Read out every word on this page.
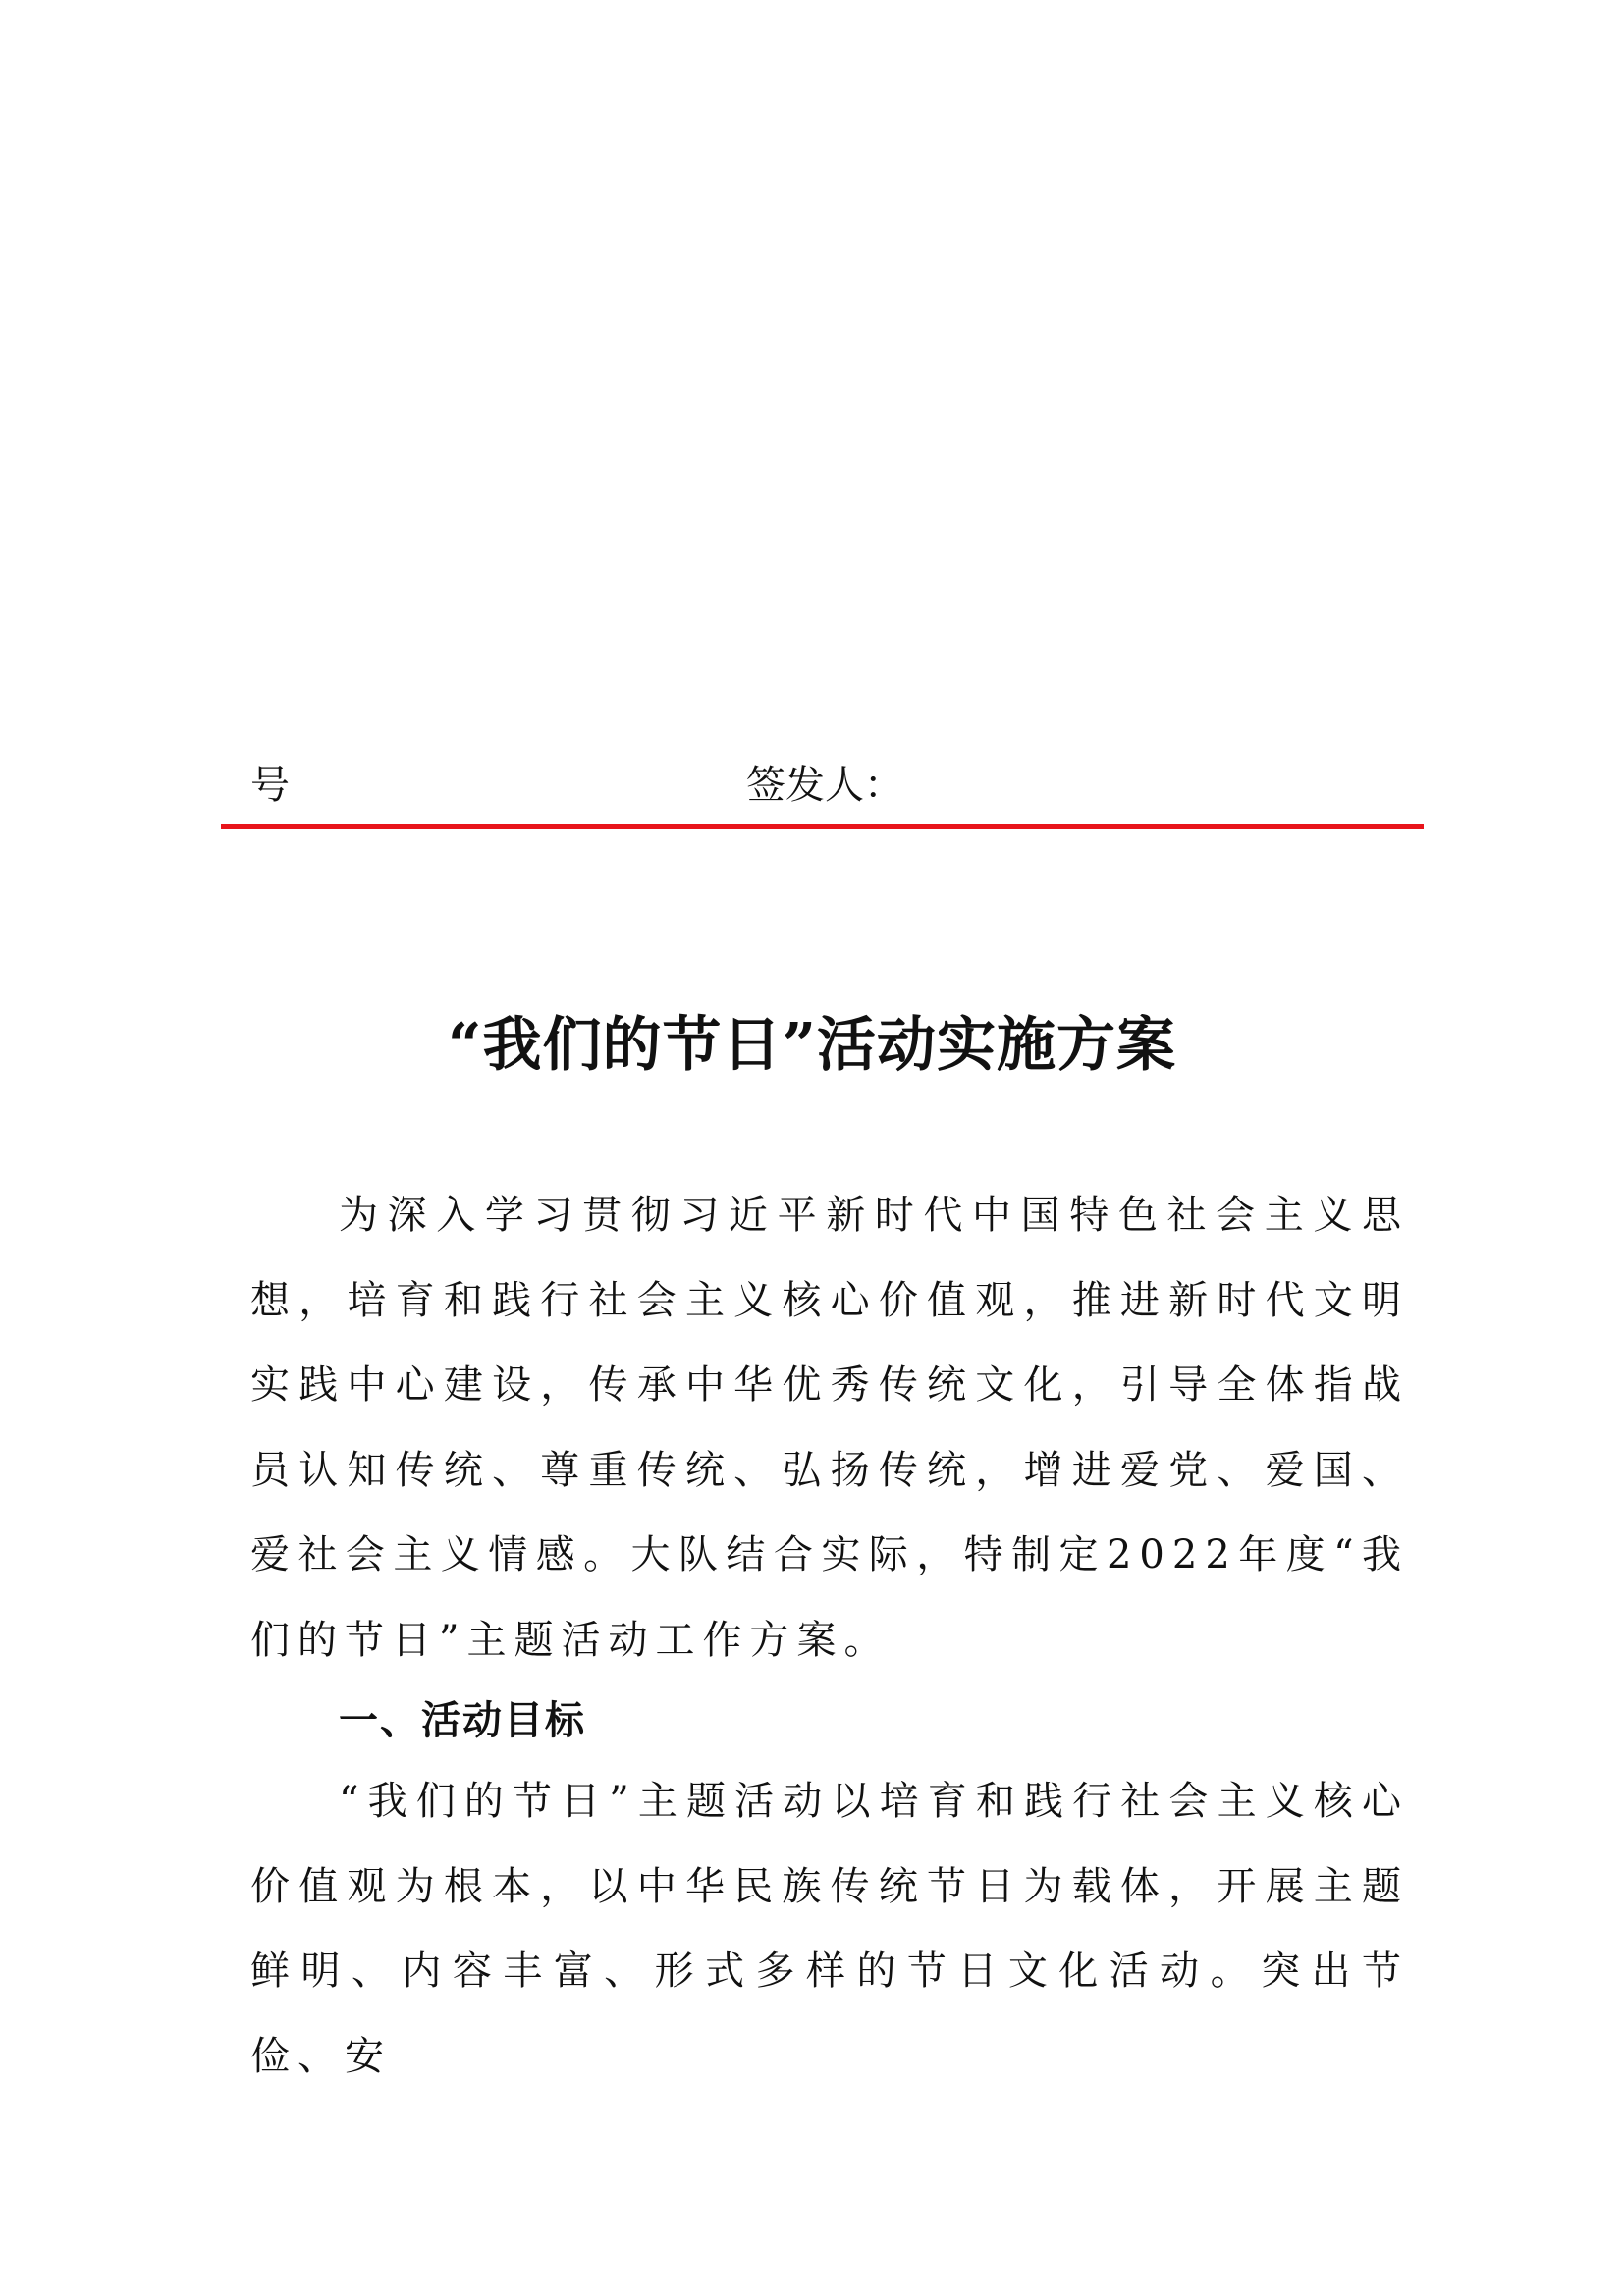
号	签发人：
“我们的节日”活动实施方案

为深入学习贯彻习近平新时代中国特色社会主义思想，培育和践行社会主义核心价值观，推进新时代文明实践中心建设，传承中华优秀传统文化，引导全体指战员认知传统、尊重传统、弘扬传统，增进爱党、爱国、爱社会主义情感。大队结合实际，特制定2022年度“我们的节日”主题活动工作方案。

一、活动目标

“我们的节日”主题活动以培育和践行社会主义核心价值观为根本，以中华民族传统节日为载体，开展主题鲜明、内容丰富、形式多样的节日文化活动。突出节俭、安
